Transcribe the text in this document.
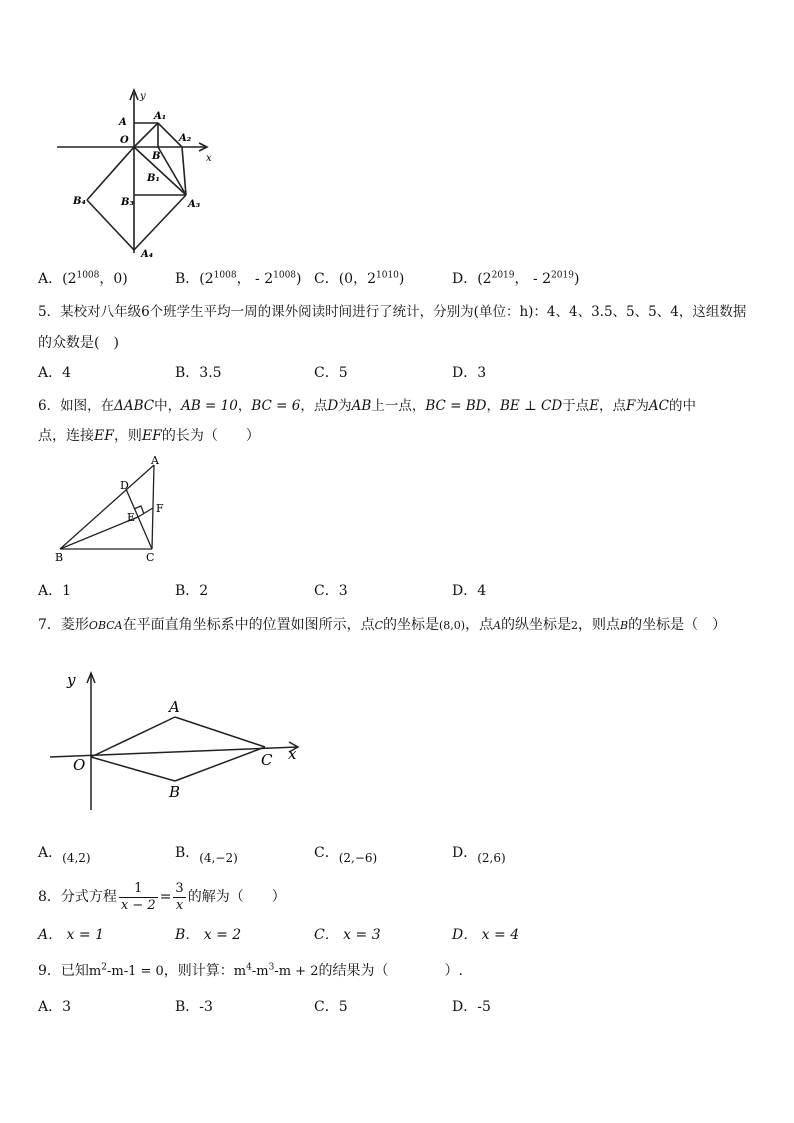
y
x
O
A
A₁
A₂
A₃
A₄
B
B₁
B₃
B₄
A．($2^{1008}$，0)	B．($2^{1008}$， - $2^{1008}$) C．(0，$2^{1010}$)	D．($2^{2019}$， - $2^{2019}$)
5．某校对八年级6个班学生平均一周的课外阅读时间进行了统计，分别为(单位：h)：4、4、3.5、5、5、4，这组数据
的众数是(　)
A．4	B．3.5	C．5	D．3
6．如图，在ΔABC中，AB = 10，BC = 6，点D为AB上一点，BC = BD，BE ⊥ CD于点E，点F为AC的中
点，连接EF，则EF的长为（　　）
A
D
E
F
B	C
A．1	B．2	C．3	D．4
7．菱形OBCA在平面直角坐标系中的位置如图所示，点C的坐标是(8,0)，点A的纵坐标是2，则点B的坐标是（　）
y
x
O
A
B
C
A．(4,2)	B．(4,−2)	C．(2,−6)	D．(2,6)
8．分式方程 $\frac{1}{x - 2} = \frac{3}{x}$ 的解为（　　）
A． x = 1	B． x = 2	C． x = 3	D． x = 4
9．已知$m^2-m-1 = 0$，则计算：$m^4-m^3-m + 2$的结果为（　　　　）.
A．3	B．-3	C．5	D．-5
